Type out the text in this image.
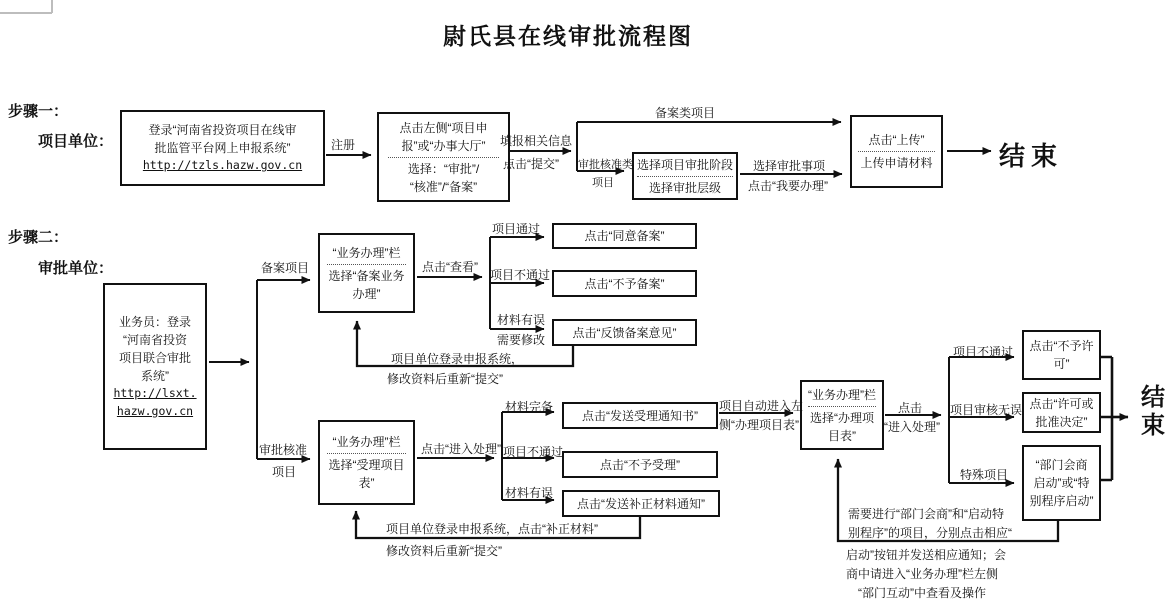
尉氏县在线审批流程图
步骤一：
项目单位：
步骤二：
审批单位：
登录“河南省投资项目在线审
批监管平台网上申报系统”
http://tzls.hazw.gov.cn
点击左侧“项目申
报”或“办事大厅”
选择：“审批”/
“核准”/“备案”
选择项目审批阶段
选择审批层级
点击“上传”
上传申请材料	结束
注册	填报相关信息
点击“提交”
备案类项目
审批核准类
项目
选择审批事项
点击“我要办理”
业务员：登录
“河南省投资
项目联合审批
系统”
http://lsxt.
hazw.gov.cn
“业务办理”栏
选择“备案业务
办理”
点击“同意备案”
点击“不予备案”
点击“反馈备案意见”
“业务办理”栏
选择“受理项目
表”
点击“发送受理通知书”
点击“不予受理”
点击“发送补正材料通知”
“业务办理”栏
选择“办理项
目表”
点击“不予许
可”
点击“许可或
批准决定”
“部门会商
启动”或“特
别程序启动”
结
束
备案项目
审批核准
项目
点击“查看”
项目通过
项目不通过
材料有误
需要修改
项目单位登录申报系统，
修改资料后重新“提交”
点击“进入处理”
材料完备
项目不通过
材料有误
项目单位登录申报系统，点击“补正材料”
修改资料后重新“提交”
项目自动进入左
侧“办理项目表”
点击
“进入处理”
项目不通过
项目审核无误
特殊项目
需要进行“部门会商”和“启动特
别程序”的项目，分别点击相应“
启动”按钮并发送相应通知；会
商中请进入“业务办理”栏左侧
“部门互动”中查看及操作
